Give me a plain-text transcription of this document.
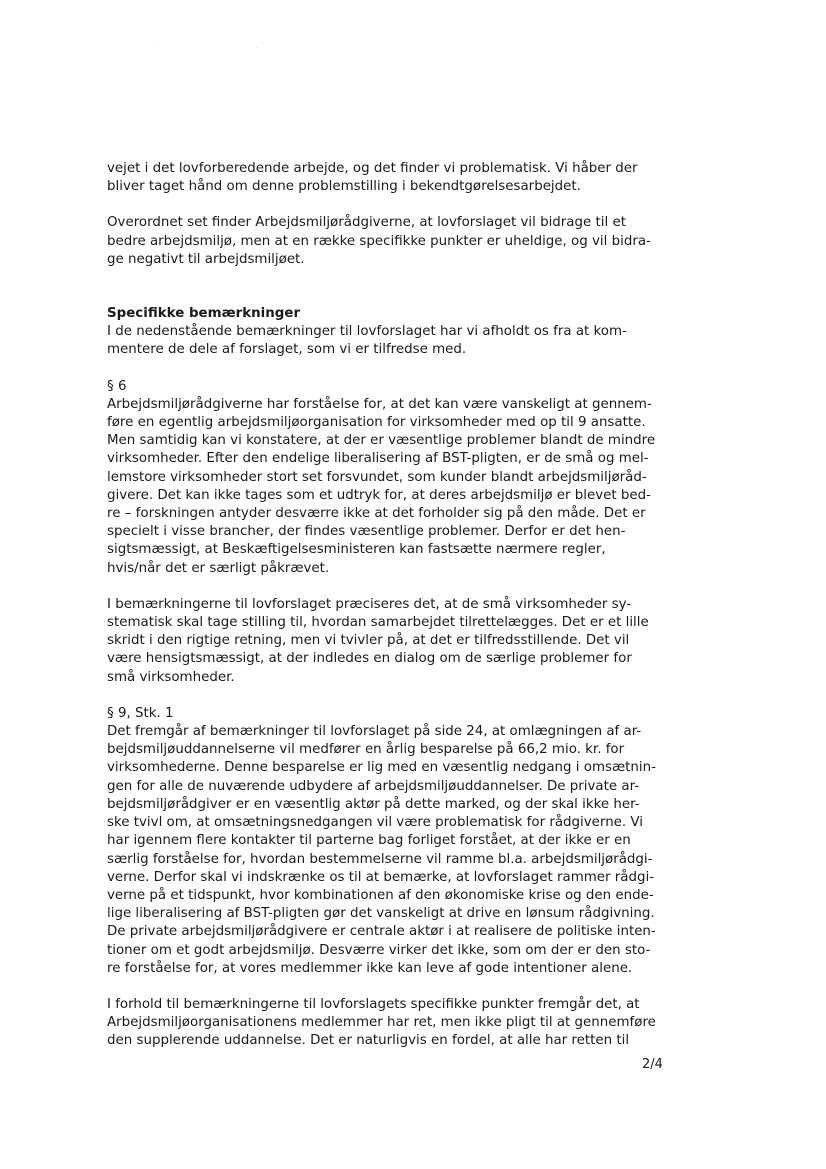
. .
vejet i det lovforberedende arbejde, og det finder vi problematisk. Vi håber der
bliver taget hånd om denne problemstilling i bekendtgørelsesarbejdet.
Overordnet set finder Arbejdsmiljørådgiverne, at lovforslaget vil bidrage til et
bedre arbejdsmiljø, men at en række specifikke punkter er uheldige, og vil bidra-
ge negativt til arbejdsmiljøet.
Specifikke bemærkninger
I de nedenstående bemærkninger til lovforslaget har vi afholdt os fra at kom-
mentere de dele af forslaget, som vi er tilfredse med.
§ 6
Arbejdsmiljørådgiverne har forståelse for, at det kan være vanskeligt at gennem-
føre en egentlig arbejdsmiljøorganisation for virksomheder med op til 9 ansatte.
Men samtidig kan vi konstatere, at der er væsentlige problemer blandt de mindre
virksomheder. Efter den endelige liberalisering af BST-pligten, er de små og mel-
lemstore virksomheder stort set forsvundet, som kunder blandt arbejdsmiljøråd-
givere. Det kan ikke tages som et udtryk for, at deres arbejdsmiljø er blevet bed-
re – forskningen antyder desværre ikke at det forholder sig på den måde. Det er
specielt i visse brancher, der findes væsentlige problemer. Derfor er det hen-
sigtsmæssigt, at Beskæftigelsesministeren kan fastsætte nærmere regler,
hvis/når det er særligt påkrævet.
I bemærkningerne til lovforslaget præciseres det, at de små virksomheder sy-
stematisk skal tage stilling til, hvordan samarbejdet tilrettelægges. Det er et lille
skridt i den rigtige retning, men vi tvivler på, at det er tilfredsstillende. Det vil
være hensigtsmæssigt, at der indledes en dialog om de særlige problemer for
små virksomheder.
§ 9, Stk. 1
Det fremgår af bemærkninger til lovforslaget på side 24, at omlægningen af ar-
bejdsmiljøuddannelserne vil medfører en årlig besparelse på 66,2 mio. kr. for
virksomhederne. Denne besparelse er lig med en væsentlig nedgang i omsætnin-
gen for alle de nuværende udbydere af arbejdsmiljøuddannelser. De private ar-
bejdsmiljørådgiver er en væsentlig aktør på dette marked, og der skal ikke her-
ske tvivl om, at omsætningsnedgangen vil være problematisk for rådgiverne. Vi
har igennem flere kontakter til parterne bag forliget forstået, at der ikke er en
særlig forståelse for, hvordan bestemmelserne vil ramme bl.a. arbejdsmiljørådgi-
verne. Derfor skal vi indskrænke os til at bemærke, at lovforslaget rammer rådgi-
verne på et tidspunkt, hvor kombinationen af den økonomiske krise og den ende-
lige liberalisering af BST-pligten gør det vanskeligt at drive en lønsum rådgivning.
De private arbejdsmiljørådgivere er centrale aktør i at realisere de politiske inten-
tioner om et godt arbejdsmiljø. Desværre virker det ikke, som om der er den sto-
re forståelse for, at vores medlemmer ikke kan leve af gode intentioner alene.
I forhold til bemærkningerne til lovforslagets specifikke punkter fremgår det, at
Arbejdsmiljøorganisationens medlemmer har ret, men ikke pligt til at gennemføre
den supplerende uddannelse. Det er naturligvis en fordel, at alle har retten til
2/4
